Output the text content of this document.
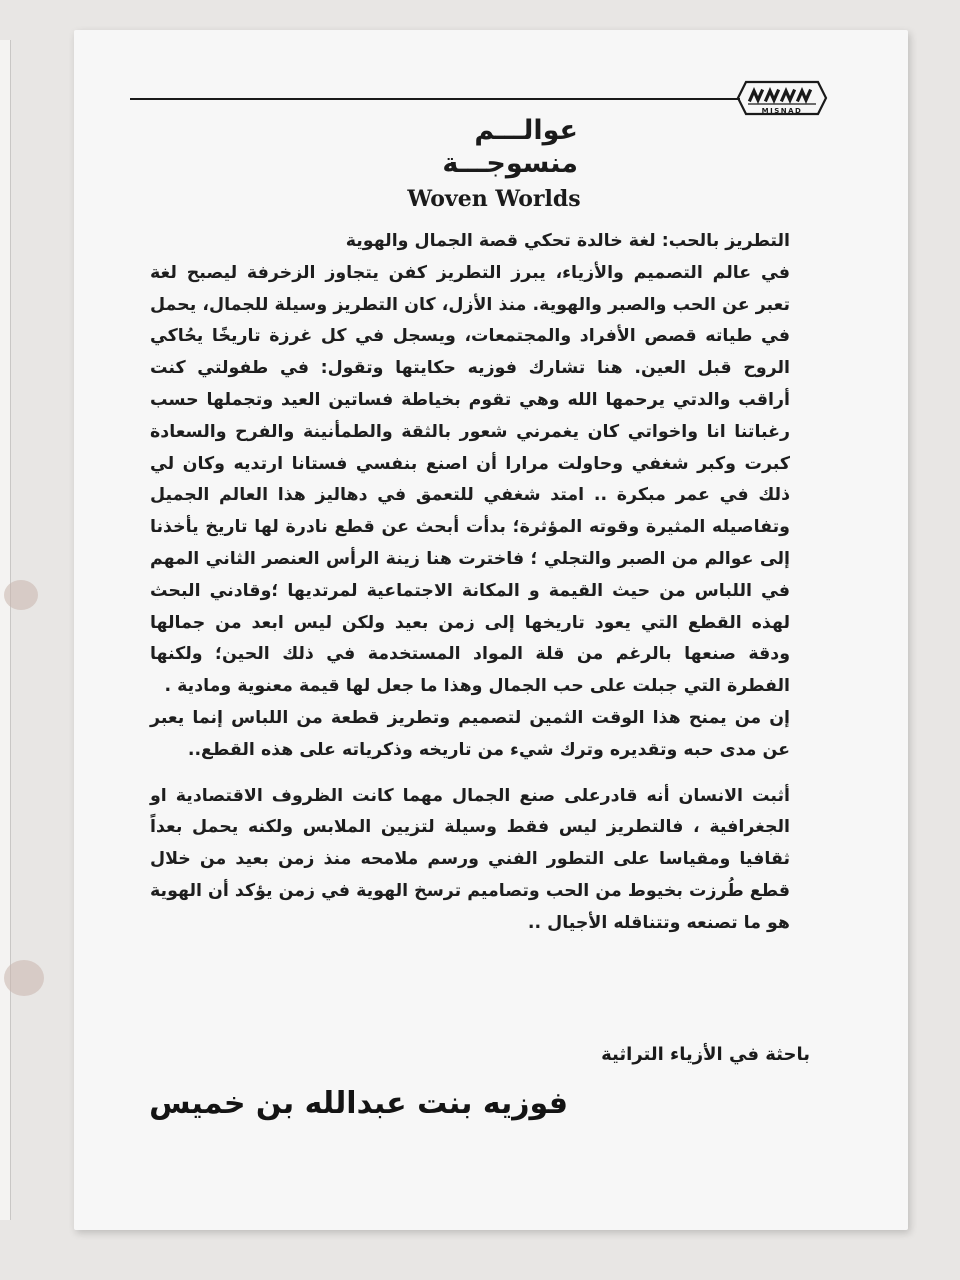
MISNAD
عوالـــم
منسوجـــة
Woven Worlds

التطريز بالحب: لغة خالدة تحكي قصة الجمال والهوية

في عالم التصميم والأزياء، يبرز التطريز كفن يتجاوز الزخرفة ليصبح لغة تعبر عن الحب والصبر والهوية. منذ الأزل، كان التطريز وسيلة للجمال، يحمل في طياته قصص الأفراد والمجتمعات، ويسجل في كل غرزة تاريخًا يحُاكي الروح قبل العين. هنا تشارك فوزيه حكايتها وتقول: في طفولتي كنت أراقب والدتي يرحمها الله وهي تقوم بخياطة فساتين العيد وتجملها حسب رغباتنا انا واخواتي كان يغمرني شعور بالثقة والطمأنينة والفرح والسعادة كبرت وكبر شغفي وحاولت مرارا أن اصنع بنفسي فستانا ارتديه وكان لي ذلك في عمر مبكرة .. امتد شغفي للتعمق في دهاليز هذا العالم الجميل وتفاصيله المثيرة وقوته المؤثرة؛ بدأت أبحث عن قطع نادرة لها تاريخ يأخذنا إلى عوالم من الصبر والتجلي ؛ فاخترت هنا زينة الرأس العنصر الثاني المهم في اللباس من حيث القيمة و المكانة الاجتماعية لمرتديها ؛وقادني البحث لهذه القطع التي يعود تاريخها إلى زمن بعيد ولكن ليس ابعد من جمالها ودقة صنعها بالرغم من قلة المواد المستخدمة في ذلك الحين؛ ولكنها الفطرة التي جبلت على حب الجمال وهذا ما جعل لها قيمة معنوية ومادية .

إن من يمنح هذا الوقت الثمين لتصميم وتطريز قطعة من اللباس إنما يعبر عن مدى حبه وتقديره وترك شيء من تاريخه وذكرياته على هذه القطع..

أثبت الانسان أنه قادرعلى صنع الجمال مهما كانت الظروف الاقتصادية او الجغرافية ، فالتطريز ليس فقط وسيلة لتزيين الملابس ولكنه يحمل بعداً ثقافيا ومقياسا على التطور الفني ورسم ملامحه منذ زمن بعيد من خلال قطع طُرزت بخيوط من الحب وتصاميم ترسخ الهوية في زمن يؤكد أن الهوية هو ما تصنعه وتتناقله الأجيال ..

باحثة في الأزياء التراثية
فوزيه بنت عبدالله بن خميس
